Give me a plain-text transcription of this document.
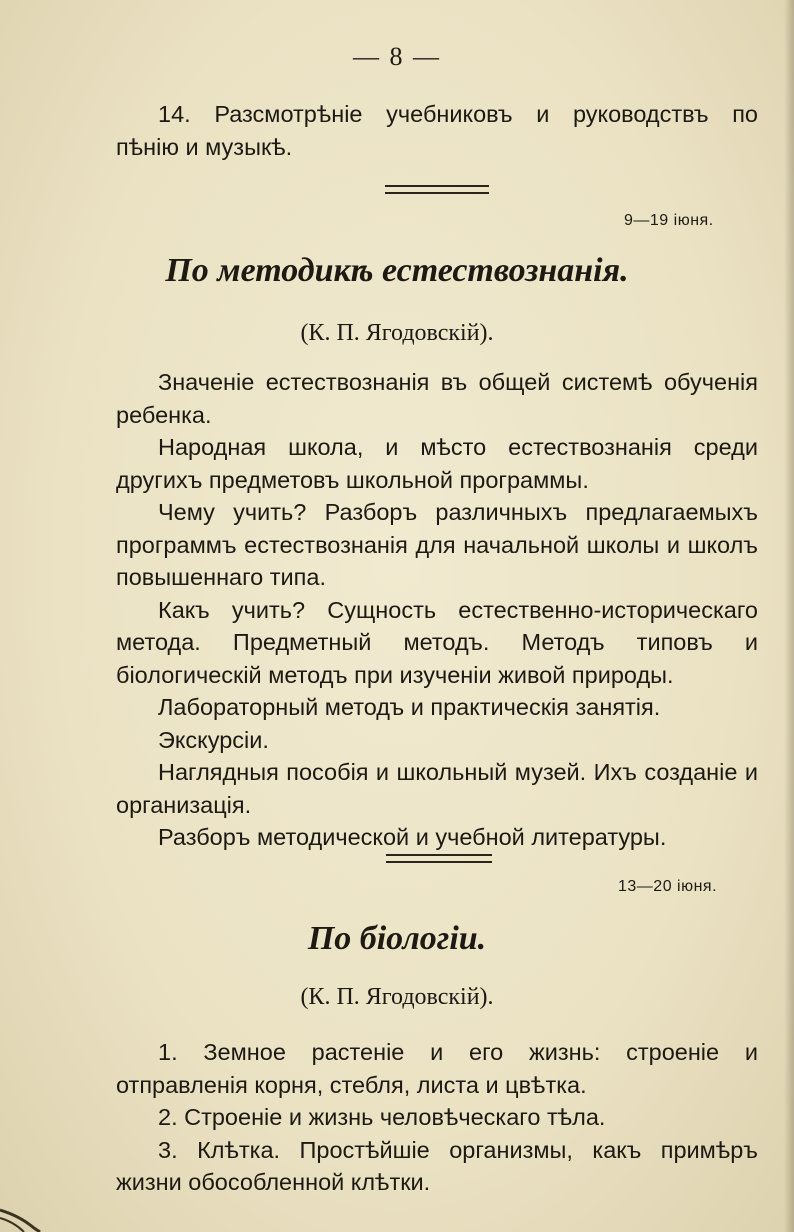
— 8 —
14. Разсмотрѣніе учебниковъ и руководствъ по
пѣнію и музыкѣ.
9—19 іюня.
По методикѣ естествознанія.
(К. П. Ягодовскій).

Значеніе естествознанія въ общей системѣ обученія ребенка.

Народная школа, и мѣсто естествознанія среди другихъ предметовъ школьной программы.

Чему учить? Разборъ различныхъ предлагаемыхъ программъ естествознанія для начальной школы и школъ повышеннаго типа.

Какъ учить? Сущность естественно-историческаго метода. Предметный методъ. Методъ типовъ и біологическій методъ при изученіи живой природы.

Лабораторный методъ и практическія занятія.

Экскурсіи.

Наглядныя пособія и школьный музей. Ихъ созданіе и организація.

Разборъ методической и учебной литературы.

13—20 іюня.
По біологіи.
(К. П. Ягодовскій).

1. Земное растеніе и его жизнь: строеніе и отправленія корня, стебля, листа и цвѣтка.

2. Строеніе и жизнь человѣческаго тѣла.

3. Клѣтка. Простѣйшіе организмы, какъ примѣръ жизни обособленной клѣтки.
